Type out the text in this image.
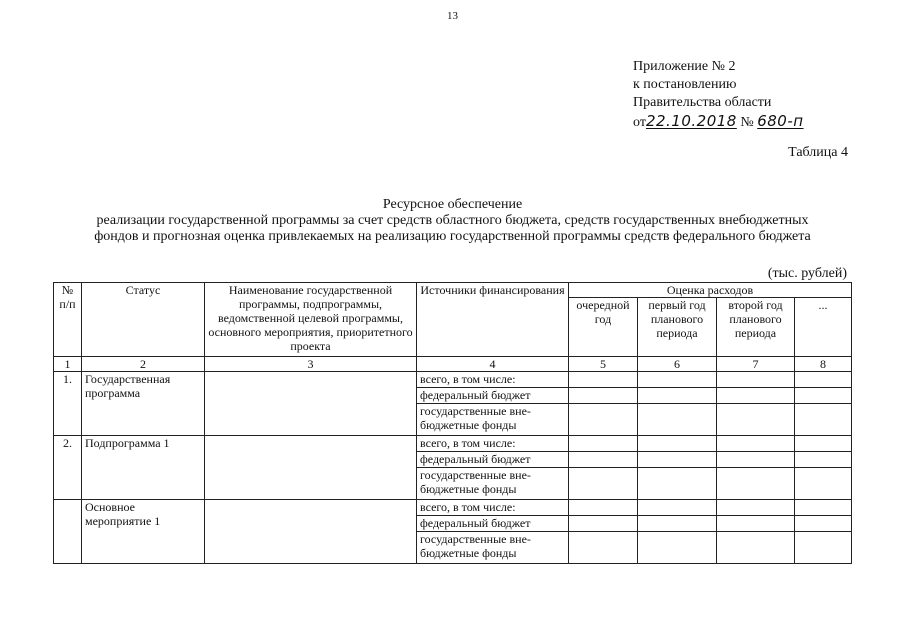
13
Приложение № 2
к постановлению
Правительства области
от22.10.2018 № 680-п
Таблица 4
Ресурсное обеспечение
реализации государственной программы за счет средств областного бюджета, средств государственных внебюджетных
фондов и прогнозная оценка привлекаемых на реализацию государственной программы средств федерального бюджета
(тыс. рублей)
№ п/п	Статус	Наименование государственной программы, подпрограммы, ведомственной целевой программы, основного мероприятия, приоритетного проекта	Источники финансирования	Оценка расходов			
				очередной год	первый год планового периода	второй год планового периода	...
1	2	3	4	5	6	7	8
1.	Государственная программа		всего, в том числе:				
			федеральный бюджет				
			государственные вне-бюджетные фонды				
2.	Подпрограмма 1		всего, в том числе:				
			федеральный бюджет				
			государственные вне-бюджетные фонды				
	Основное мероприятие 1		всего, в том числе:				
			федеральный бюджет				
			государственные вне-бюджетные фонды				
